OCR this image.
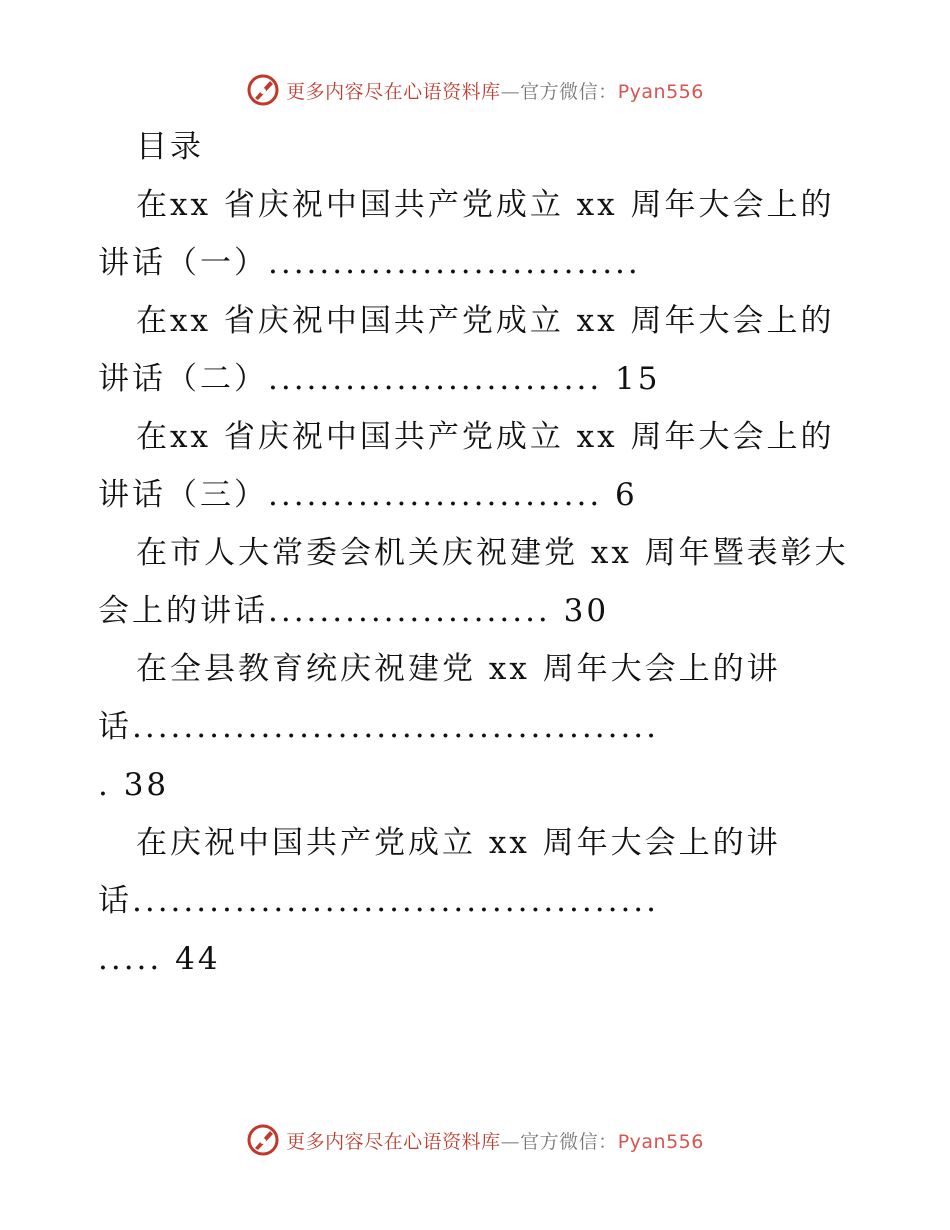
更多内容尽在心语资料库—官方微信：Pyan556
目录
在xx 省庆祝中国共产党成立 xx 周年大会上的
讲话（一）.............................
在xx 省庆祝中国共产党成立 xx 周年大会上的
讲话（二）.......................... 15
在xx 省庆祝中国共产党成立 xx 周年大会上的
讲话（三）.......................... 6
在市人大常委会机关庆祝建党 xx 周年暨表彰大
会上的讲话...................... 30
在全县教育统庆祝建党 xx 周年大会上的讲
话.........................................
. 38
在庆祝中国共产党成立 xx 周年大会上的讲
话.........................................
..... 44
更多内容尽在心语资料库—官方微信：Pyan556
